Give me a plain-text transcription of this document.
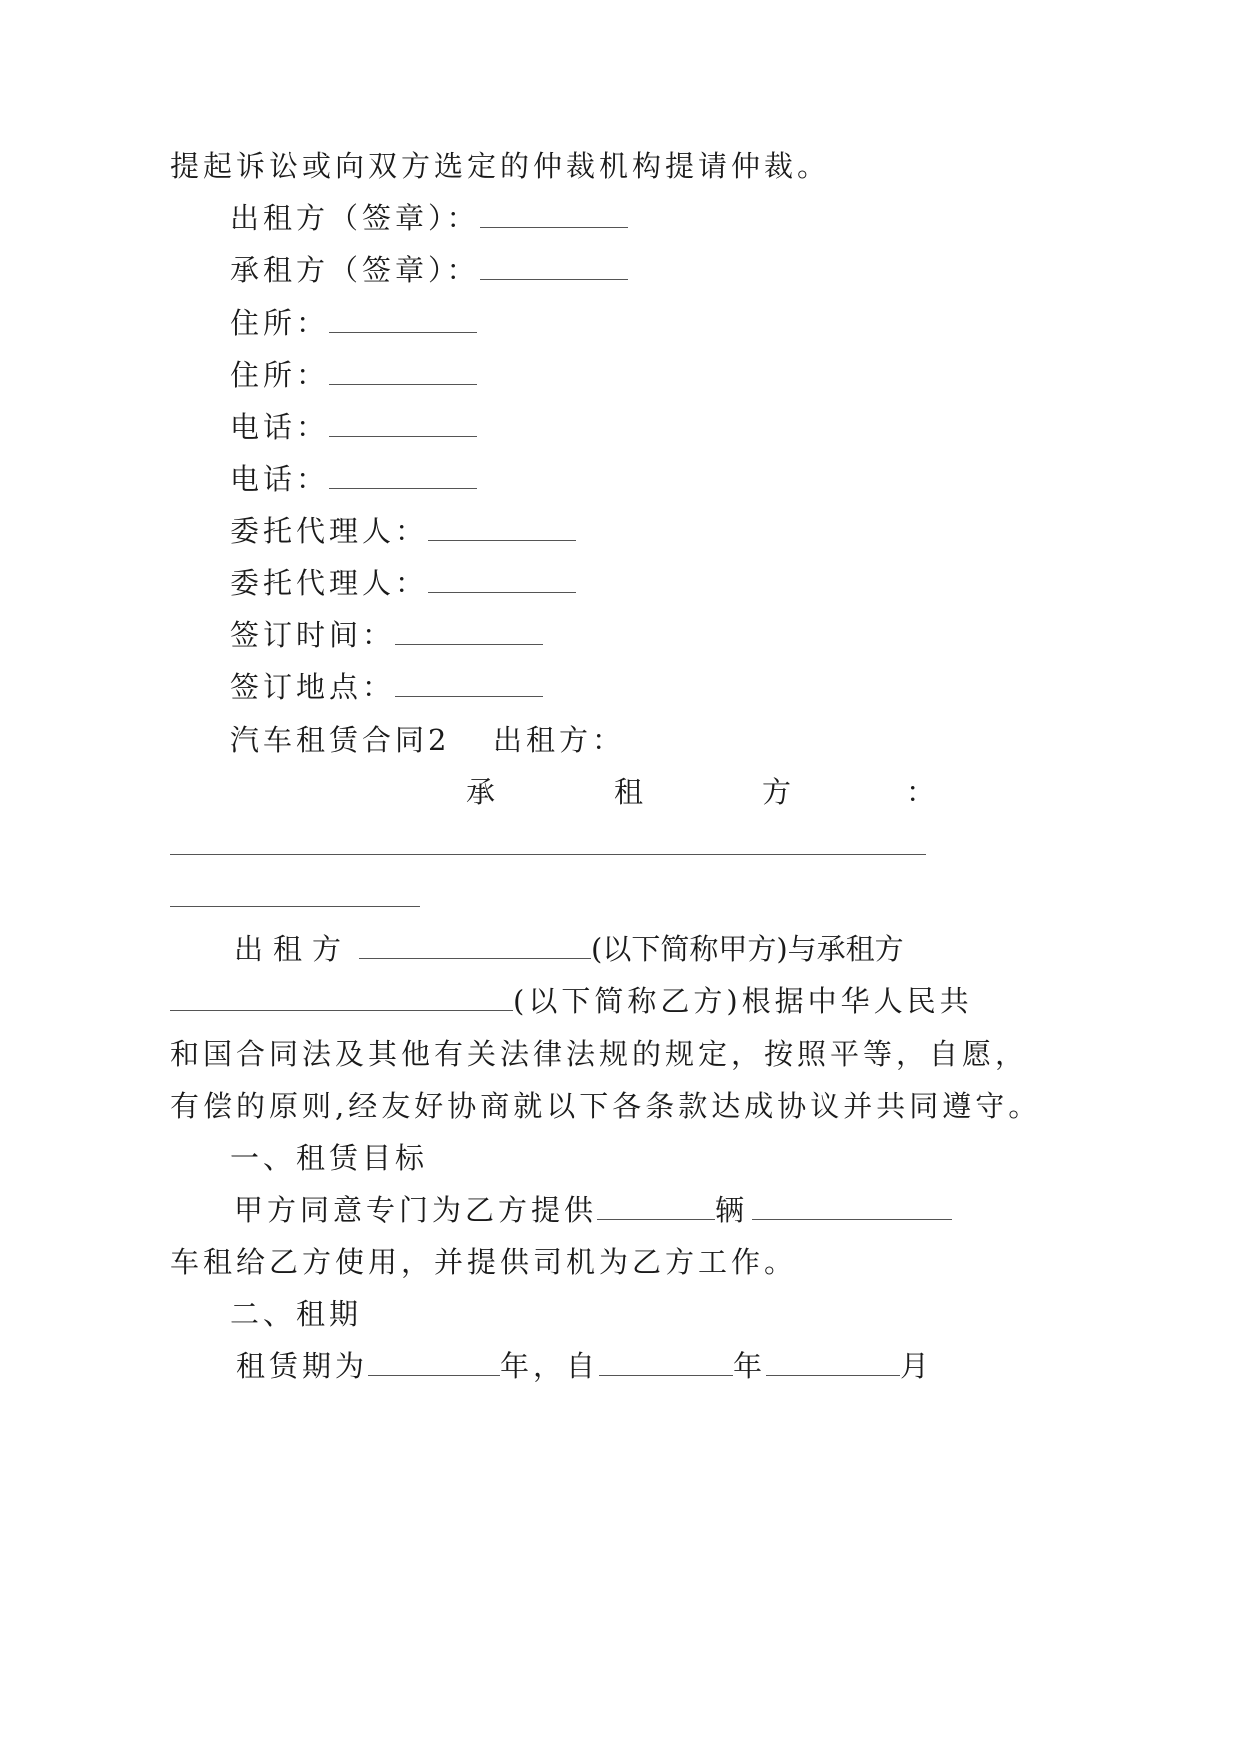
提起诉讼或向双方选定的仲裁机构提请仲裁。
出租方（签章）：
承租方（签章）：
住所：
住所：
电话：
电话：
委托代理人：
委托代理人：
签订时间：
签订地点：
汽车租赁合同2 出租方：
承	租	方	：
出租方	(以下简称甲方)与承租方
(以下简称乙方)根据中华人民共
和国合同法及其他有关法律法规的规定，按照平等，自愿，
有偿的原则,经友好协商就以下各条款达成协议并共同遵守。
一、租赁目标
甲方同意专门为乙方提供	辆
车租给乙方使用，并提供司机为乙方工作。
二、租期
租赁期为	年，自	年	月
